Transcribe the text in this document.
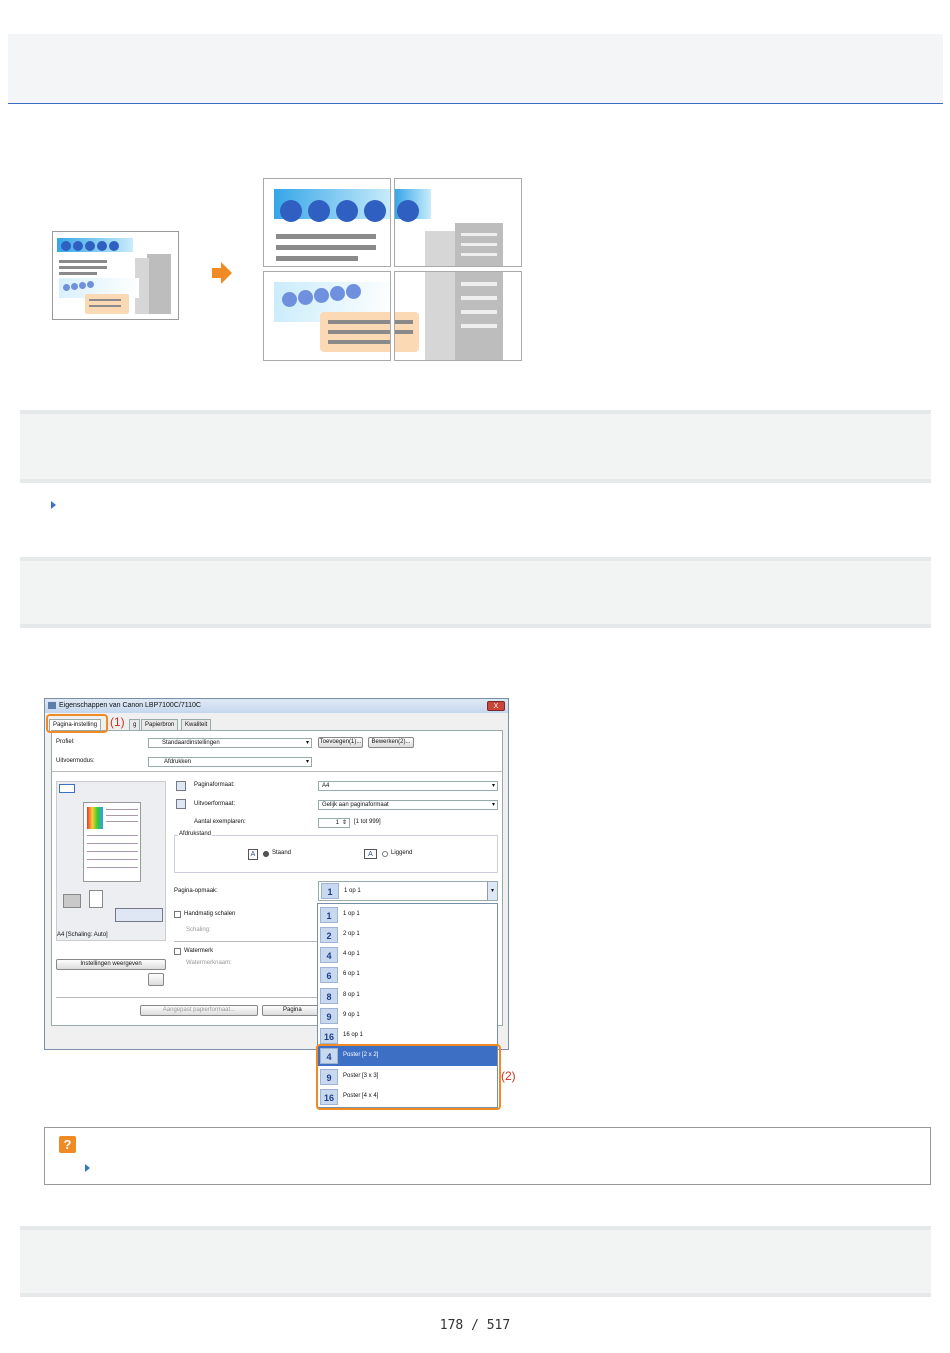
Eigenschappen van Canon LBP7100C/7110C	X
Pagina-instelling	g	Papierbron	Kwaliteit
Profiel:	Standaardinstellingen	▾ Toevoegen(1)...	Bewerken(2)...
Uitvoermodus:	Afdrukken	▾
A4 [Schaling: Auto]
Instellingen weergeven
Paginaformaat:	A4	▾
Uitvoerformaat:	Gelijk aan paginaformaat	▾
Aantal exemplaren:	1 ⇕ [1 tot 999]
Afdrukstand
A	Staand	A	Liggend
Pagina-opmaak:	1	1 op 1	▾
Handmatig schalen
Schaling:
Watermerk
Watermerknaam:
Aangepast papierformaat...	Pagina
1	1 op 1
2	2 op 1
4	4 op 1
6	6 op 1
8	8 op 1
9	9 op 1
16	16 op 1
4	Poster [2 x 2]
9	Poster [3 x 3]
16	Poster [4 x 4]
(1)
(2)
?
178 / 517
